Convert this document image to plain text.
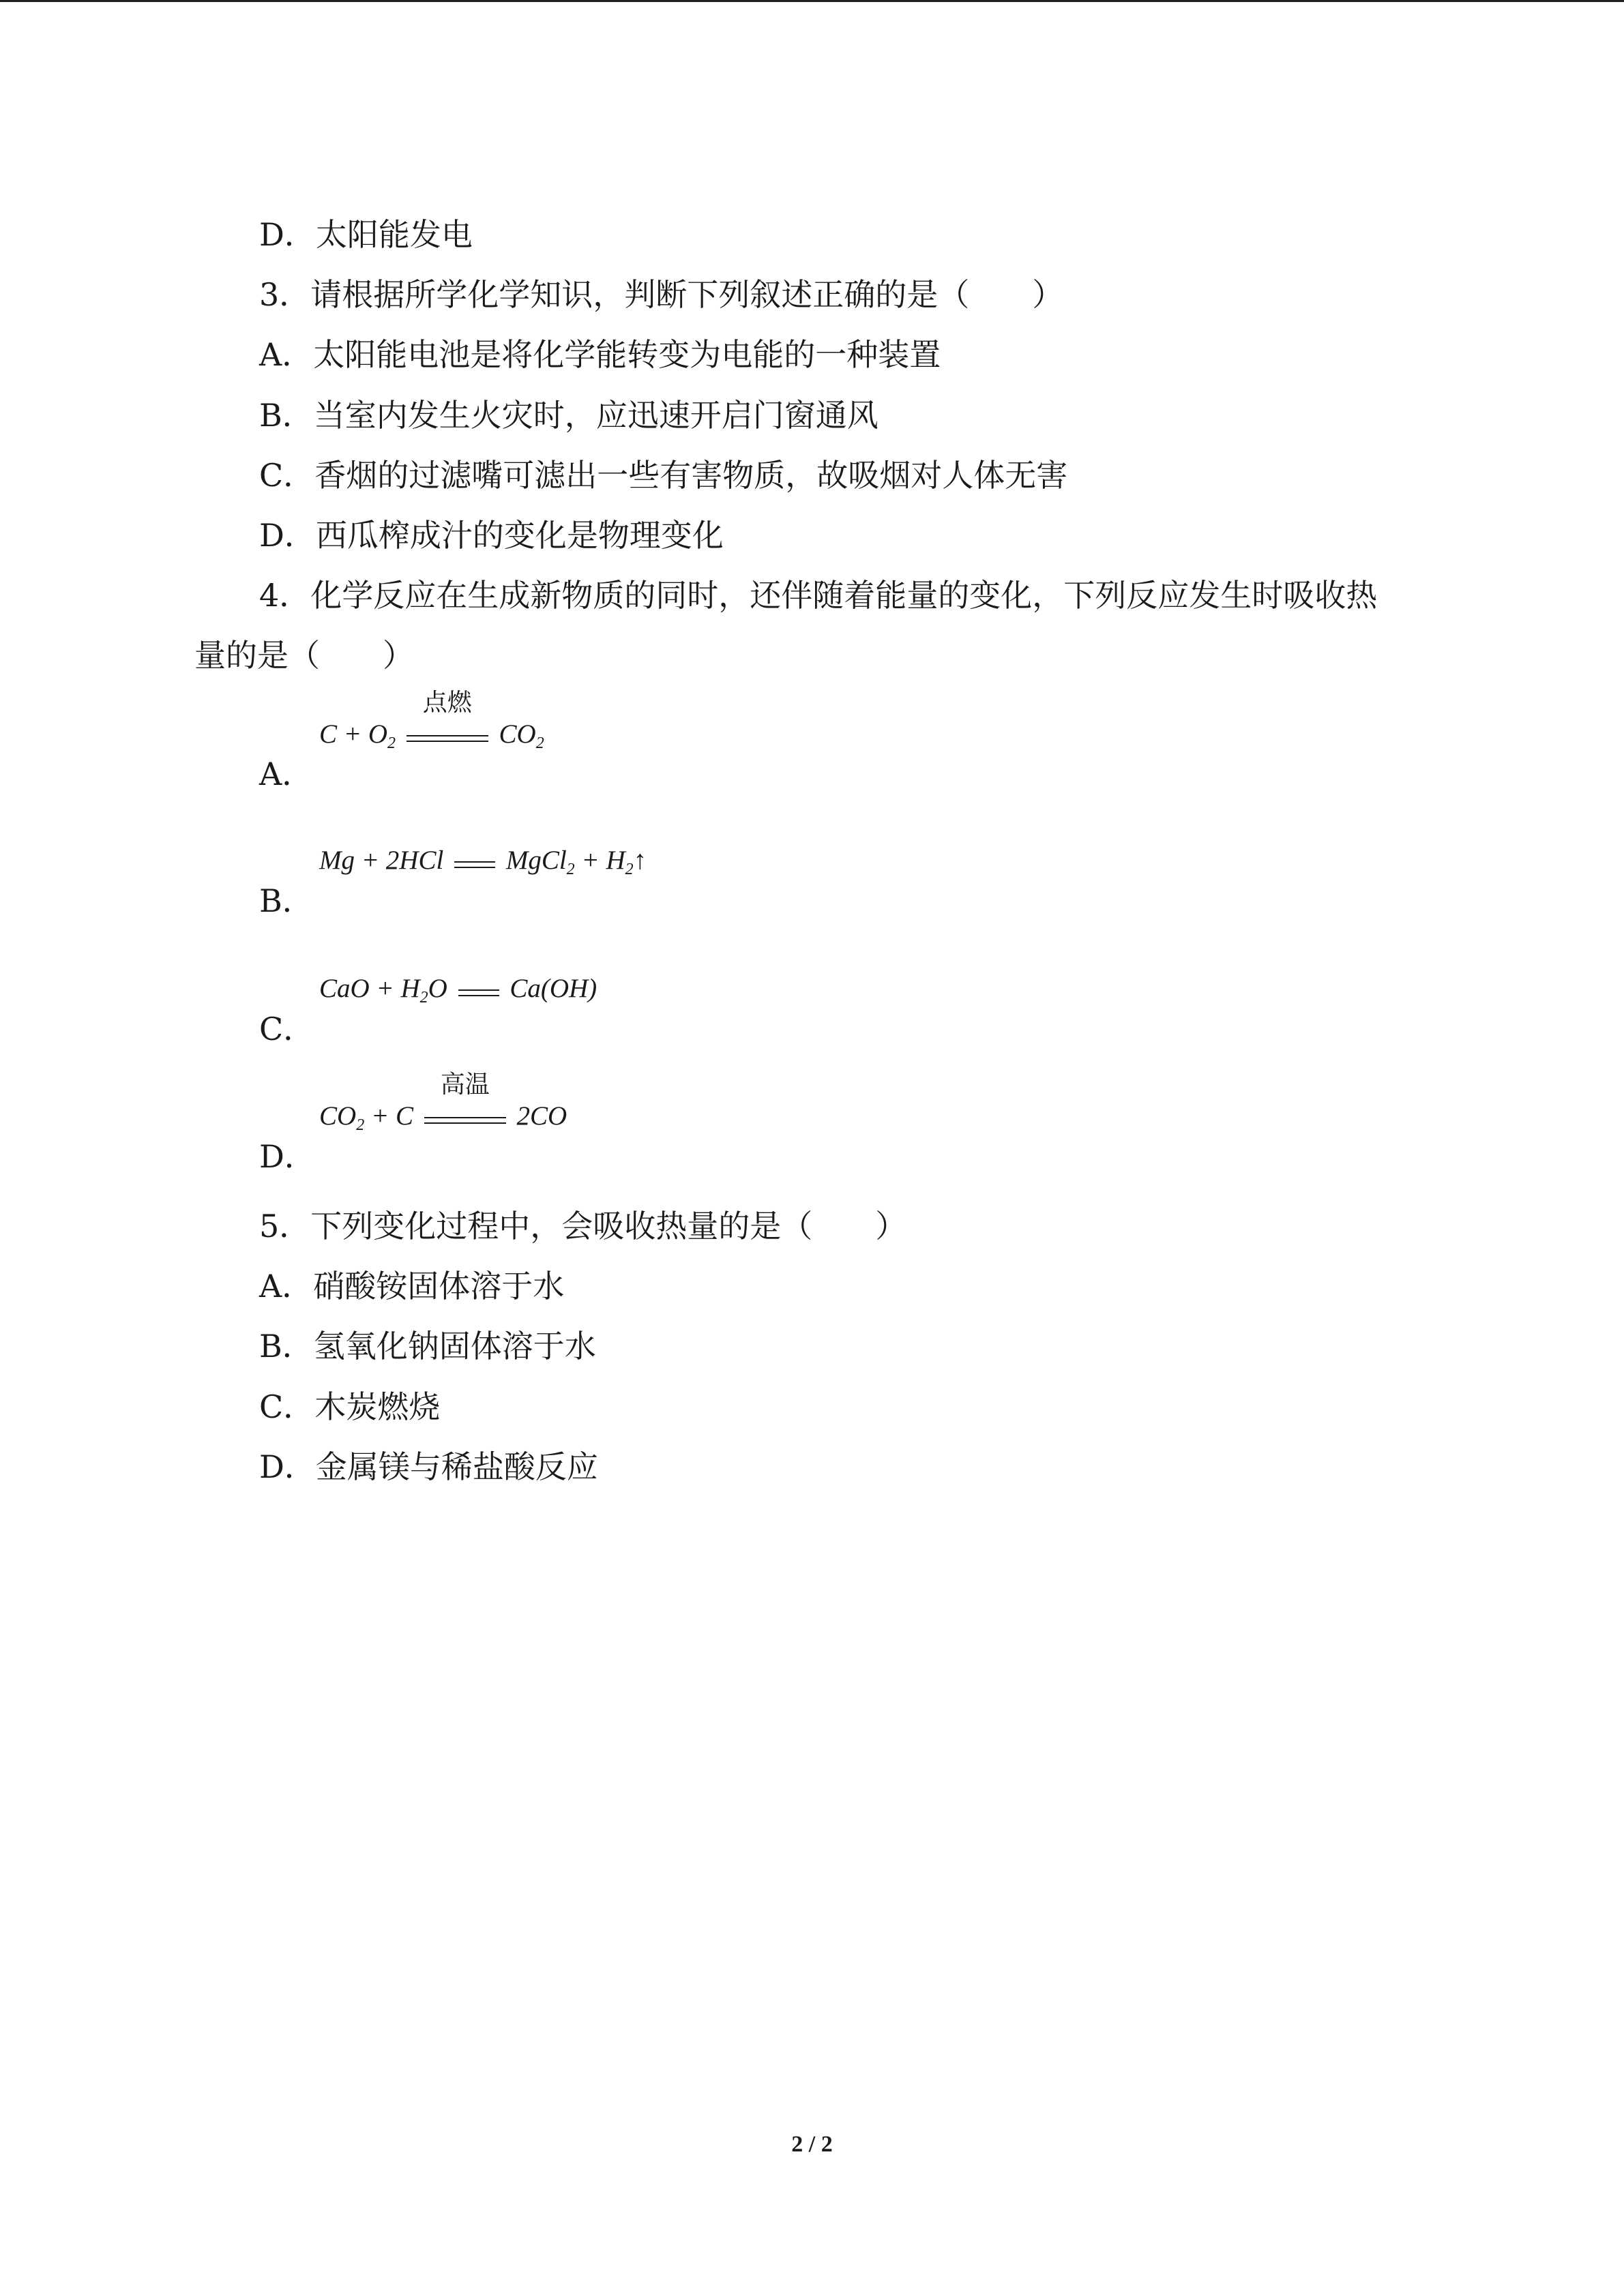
D．太阳能发电
3．请根据所学化学知识，判断下列叙述正确的是（　　）
A．太阳能电池是将化学能转变为电能的一种装置
B．当室内发生火灾时，应迅速开启门窗通风
C．香烟的过滤嘴可滤出一些有害物质，故吸烟对人体无害
D．西瓜榨成汁的变化是物理变化
4．化学反应在生成新物质的同时，还伴随着能量的变化，下列反应发生时吸收热
量的是（　　）
$C + O_2$
点燃
$CO_2$
A．
Mg + 2HCl MgCl$_2$ + $H_2↑$
B．
CaO + $H_2O$ Ca(OH)
C．
$CO_2 + C$
高温
2CO
D．
5．下列变化过程中，会吸收热量的是（　　）
A．硝酸铵固体溶于水
B．氢氧化钠固体溶于水
C．木炭燃烧
D．金属镁与稀盐酸反应
2 / 2
